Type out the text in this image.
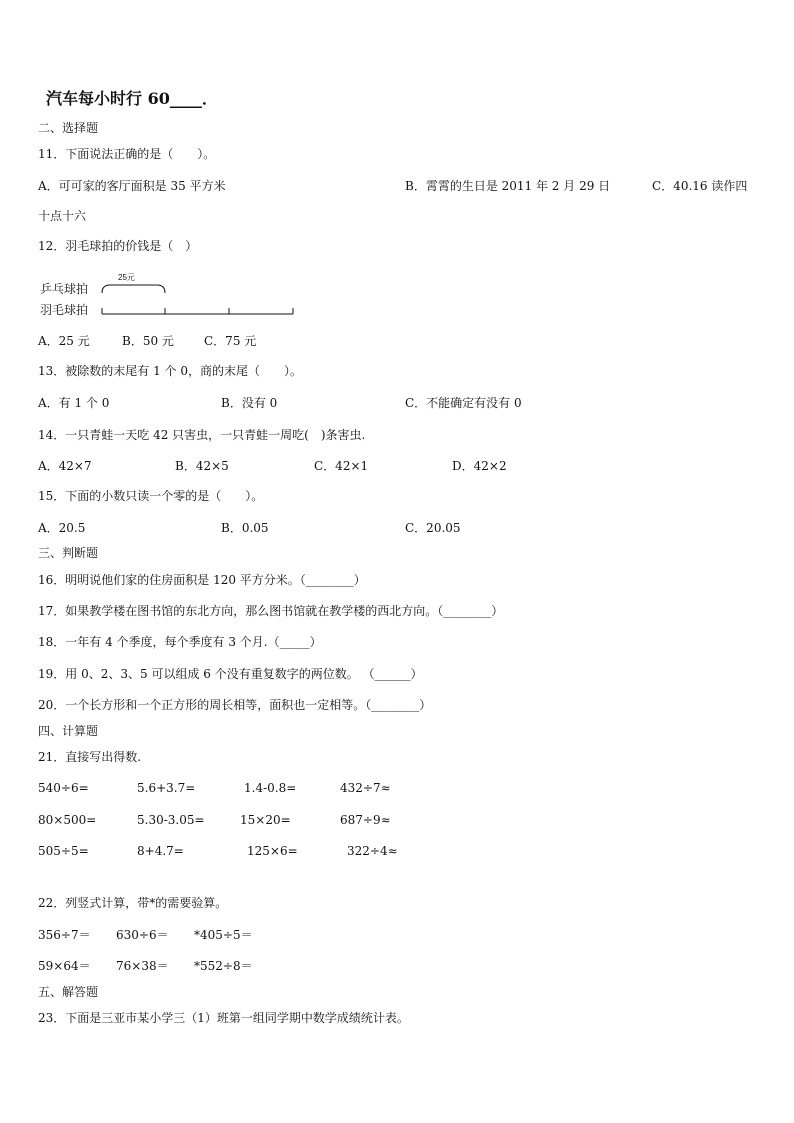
汽车每小时行 60____．
二、选择题
11．下面说法正确的是（　　）。
A．可可家的客厅面积是 35 平方米	B．霄霄的生日是 2011 年 2 月 29 日	C．40.16 读作四
十点十六
12．羽毛球拍的价钱是（　）
25元
乒乓球拍
羽毛球拍
A．25 元	B．50 元	C．75 元
13．被除数的末尾有 1 个 0，商的末尾（　　）。
A．有 1 个 0	B．没有 0	C．不能确定有没有 0
14．一只青蛙一天吃 42 只害虫，一只青蛙一周吃(　)条害虫.
A．42×7	B．42×5	C．42×1	D．42×2
15．下面的小数只读一个零的是（　　）。
A．20.5	B．0.05	C．20.05
三、判断题
16．明明说他们家的住房面积是 120 平方分米。（________）
17．如果教学楼在图书馆的东北方向，那么图书馆就在教学楼的西北方向。（________）
18．一年有 4 个季度，每个季度有 3 个月.（_____）
19．用 0、2、3、5 可以组成 6 个没有重复数字的两位数。 （______）
20．一个长方形和一个正方形的周长相等，面积也一定相等。（________）
四、计算题
21．直接写出得数.
540÷6=	5.6+3.7=	1.4-0.8=	432÷7≈
80×500=	5.30-3.05=	15×20=	687÷9≈
505÷5=	8+4.7=	125×6=	322÷4≈
22．列竖式计算，带*的需要验算。
356÷7＝ 630÷6＝ *405÷5＝
59×64＝ 76×38＝ *552÷8＝
五、解答题
23．下面是三亚市某小学三（1）班第一组同学期中数学成绩统计表。
